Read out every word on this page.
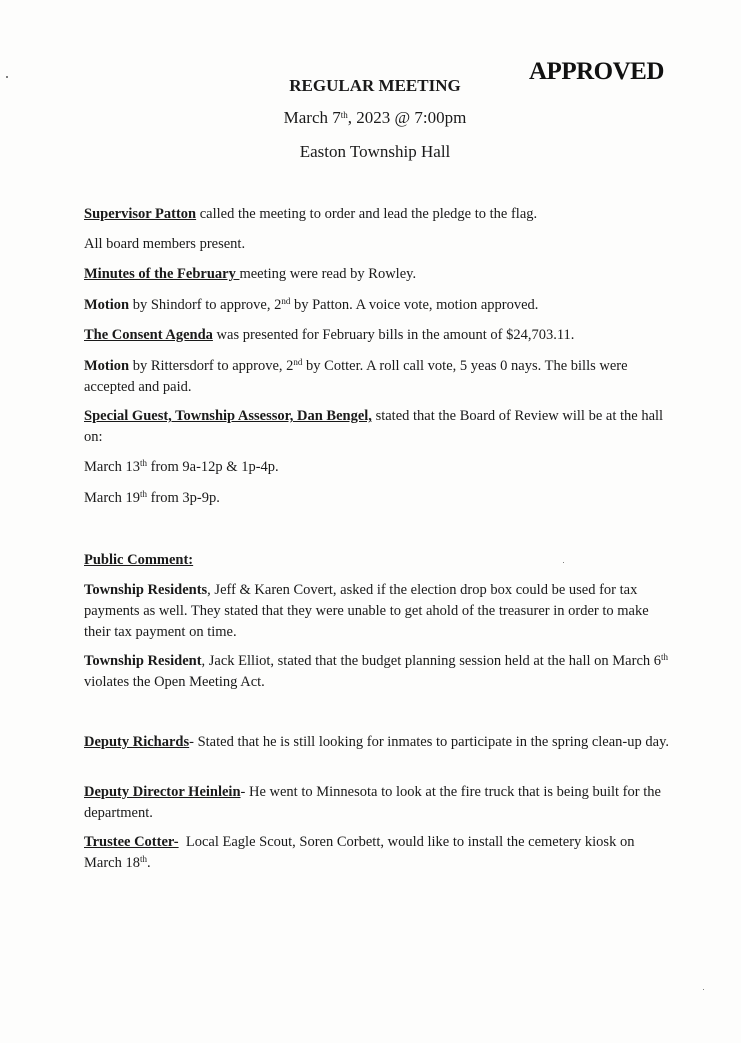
APPROVED
REGULAR MEETING
March 7th, 2023 @ 7:00pm
Easton Township Hall
Supervisor Patton called the meeting to order and lead the pledge to the flag.
All board members present.
Minutes of the February meeting were read by Rowley.
Motion by Shindorf to approve, 2nd by Patton. A voice vote, motion approved.
The Consent Agenda was presented for February bills in the amount of $24,703.11.
Motion by Rittersdorf to approve, 2nd by Cotter. A roll call vote, 5 yeas 0 nays. The bills were accepted and paid.
Special Guest, Township Assessor, Dan Bengel, stated that the Board of Review will be at the hall on:
March 13th from 9a-12p & 1p-4p.
March 19th from 3p-9p.
Public Comment:
Township Residents, Jeff & Karen Covert, asked if the election drop box could be used for tax payments as well. They stated that they were unable to get ahold of the treasurer in order to make their tax payment on time.
Township Resident, Jack Elliot, stated that the budget planning session held at the hall on March 6th violates the Open Meeting Act.
Deputy Richards- Stated that he is still looking for inmates to participate in the spring clean-up day.
Deputy Director Heinlein- He went to Minnesota to look at the fire truck that is being built for the department.
Trustee Cotter-  Local Eagle Scout, Soren Corbett, would like to install the cemetery kiosk on March 18th.
